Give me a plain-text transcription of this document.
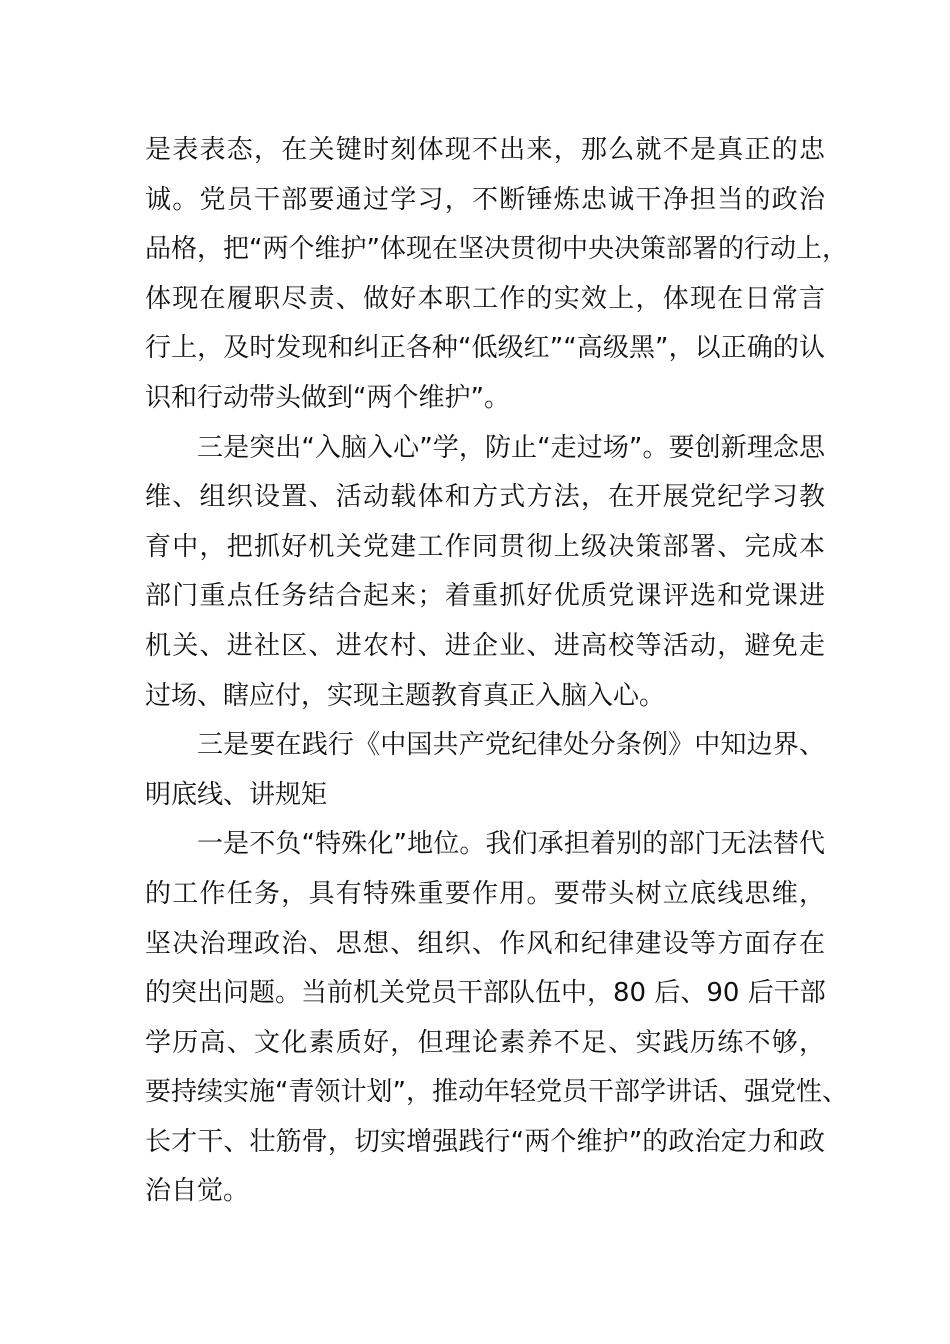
是表表态，在关键时刻体现不出来，那么就不是真正的忠
诚。党员干部要通过学习，不断锤炼忠诚干净担当的政治
品格，把“两个维护”体现在坚决贯彻中央决策部署的行动上，
体现在履职尽责、做好本职工作的实效上，体现在日常言
行上，及时发现和纠正各种“低级红”“高级黑”，以正确的认
识和行动带头做到“两个维护”。
三是突出“入脑入心”学，防止“走过场”。要创新理念思
维、组织设置、活动载体和方式方法，在开展党纪学习教
育中，把抓好机关党建工作同贯彻上级决策部署、完成本
部门重点任务结合起来；着重抓好优质党课评选和党课进
机关、进社区、进农村、进企业、进高校等活动，避免走
过场、瞎应付，实现主题教育真正入脑入心。
三是要在践行《中国共产党纪律处分条例》中知边界、
明底线、讲规矩
一是不负“特殊化”地位。我们承担着别的部门无法替代
的工作任务，具有特殊重要作用。要带头树立底线思维，
坚决治理政治、思想、组织、作风和纪律建设等方面存在
的突出问题。当前机关党员干部队伍中，80 后、90 后干部
学历高、文化素质好，但理论素养不足、实践历练不够，
要持续实施“青领计划”，推动年轻党员干部学讲话、强党性、
长才干、壮筋骨，切实增强践行“两个维护”的政治定力和政
治自觉。
